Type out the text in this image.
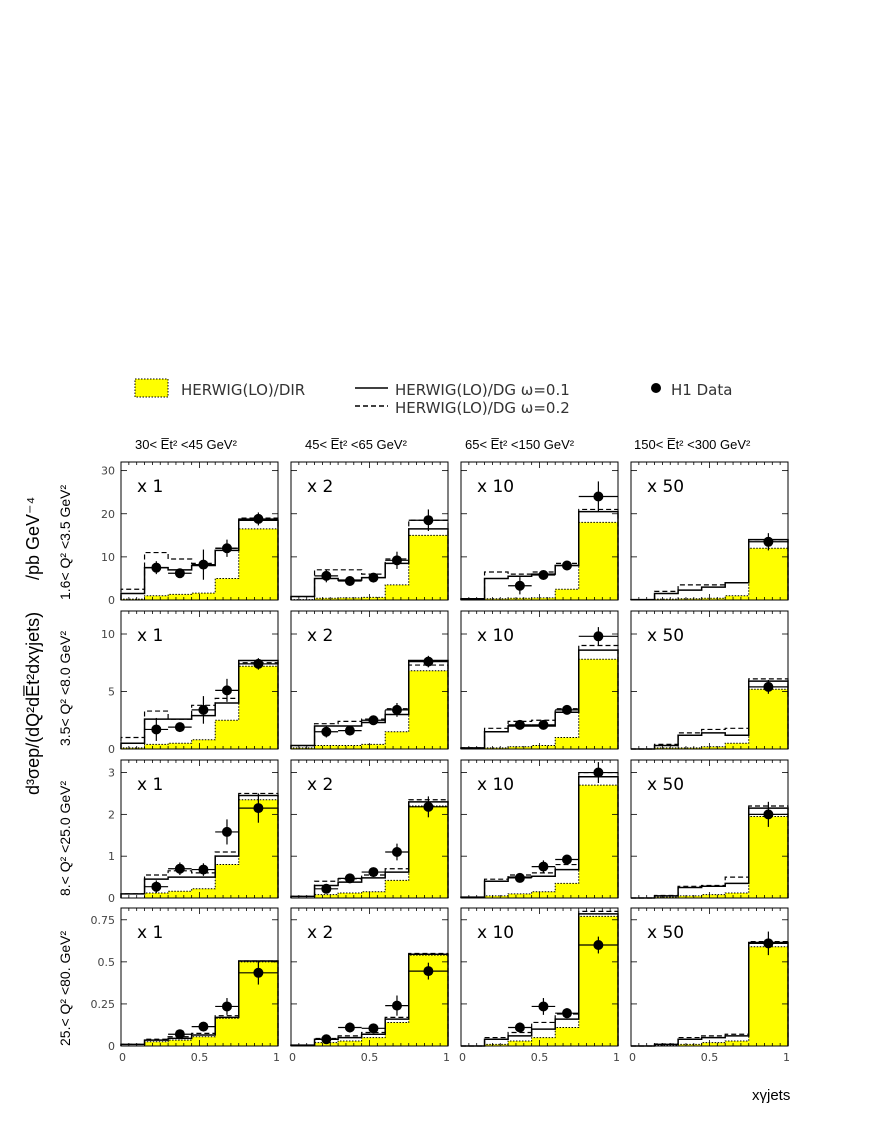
HERWIG(LO)/DIR	HERWIG(LO)/DG ω=0.1
HERWIG(LO)/DG ω=0.2
H1 Data
30< E̅t² <45 GeV²	45< E̅t² <65 GeV²	65< E̅t² <150 GeV²	150< E̅t² <300 GeV²
d³σep/(dQ²dE̅t²dxγjets)
/pb GeV⁻⁴ 1.6< Q² <3.5 GeV²
3.5< Q² <8.0 GeV²
8.< Q² <25.0 GeV²
25.< Q² <80. GeV²
0
10
20
30
x 1	x 2	x 10	x 50
0
5
10 x 1	x 2	x 10	x 50
0
1
2
3
x 1	x 2	x 10	x 50
0
0.25
0.5
0.75
x 1
0	0.5	1
x 2
0	0.5	1
x 10
0	0.5	1
x 50
0	0.5	1
xγjets
